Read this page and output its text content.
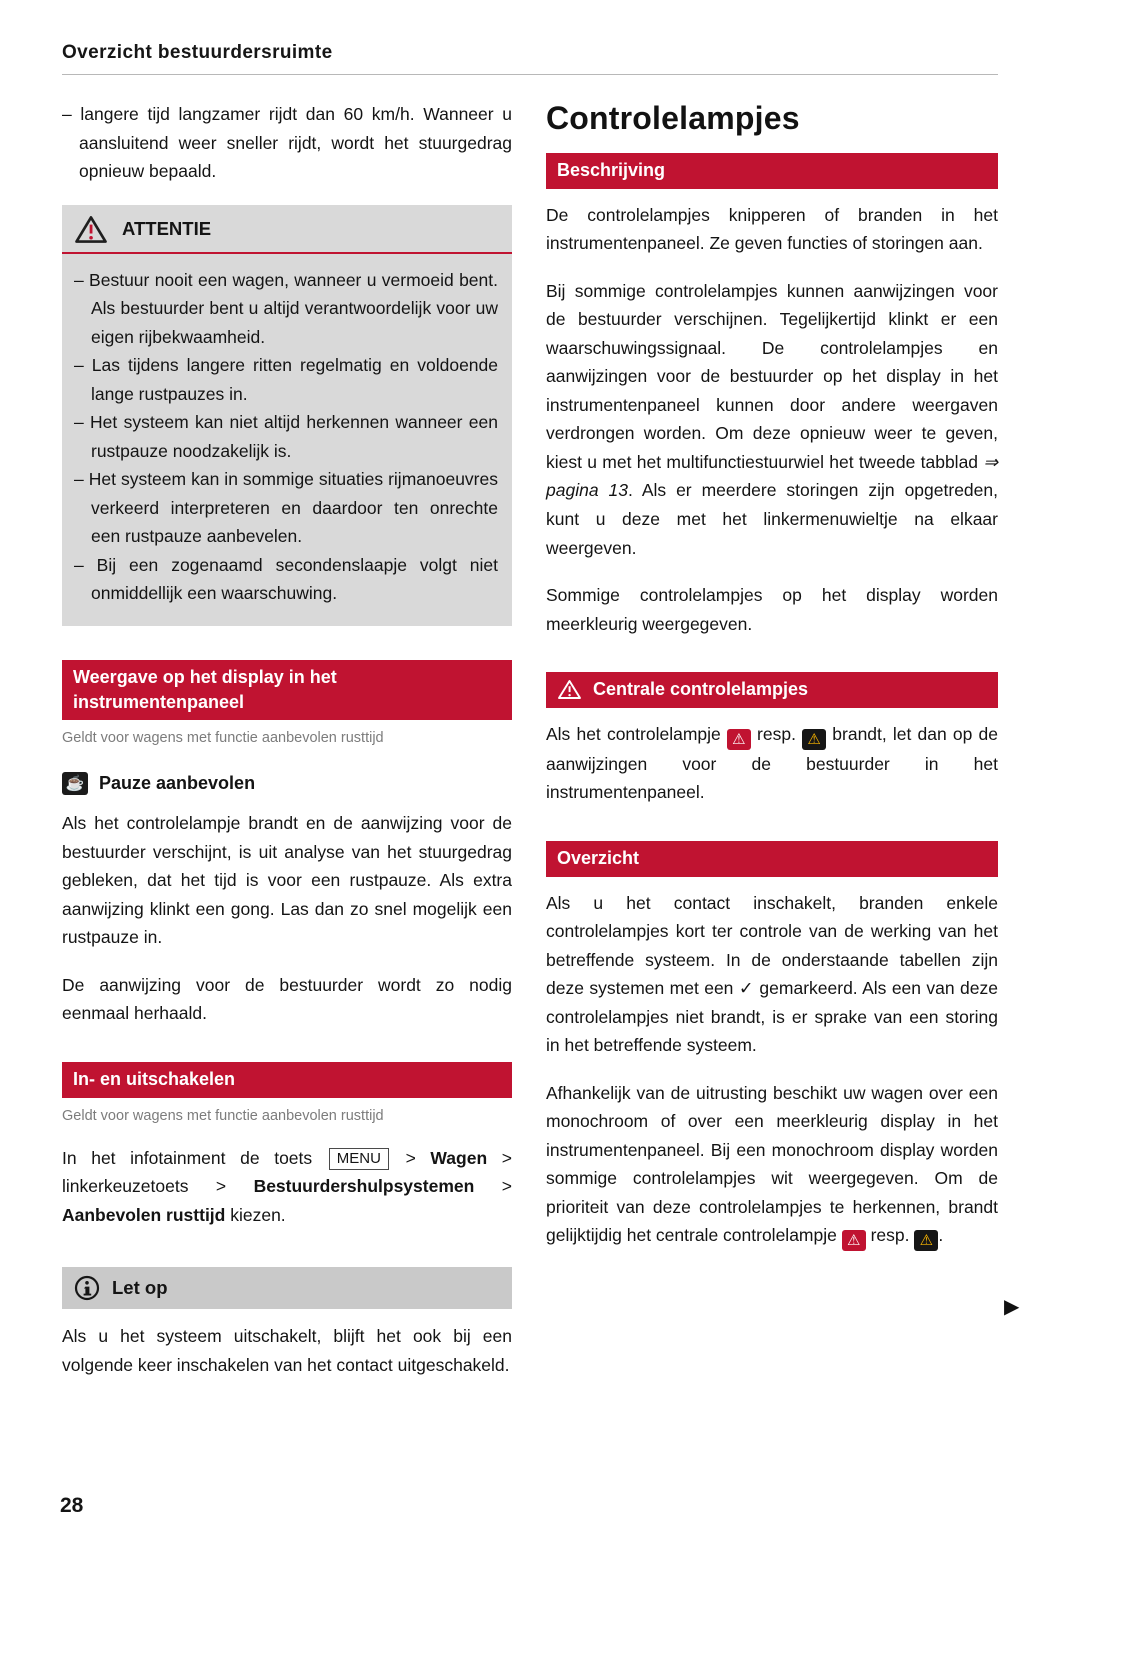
Overzicht bestuurdersruimte

– langere tijd langzamer rijdt dan 60 km/h. Wanneer u aansluitend weer sneller rijdt, wordt het stuurgedrag opnieuw bepaald.

ATTENTIE

– Bestuur nooit een wagen, wanneer u vermoeid bent. Als bestuurder bent u altijd verantwoordelijk voor uw eigen rijbekwaamheid.

– Las tijdens langere ritten regelmatig en voldoende lange rustpauzes in.

– Het systeem kan niet altijd herkennen wanneer een rustpauze noodzakelijk is.

– Het systeem kan in sommige situaties rijmanoeuvres verkeerd interpreteren en daardoor ten onrechte een rustpauze aanbevelen.

– Bij een zogenaamd secondenslaapje volgt niet onmiddellijk een waarschuwing.

Weergave op het display in het instrumentenpaneel

Geldt voor wagens met functie aanbevolen rusttijd

☕ Pauze aanbevolen

Als het controlelampje brandt en de aanwijzing voor de bestuurder verschijnt, is uit analyse van het stuurgedrag gebleken, dat het tijd is voor een rustpauze. Als extra aanwijzing klinkt een gong. Las dan zo snel mogelijk een rustpauze in.

De aanwijzing voor de bestuurder wordt zo nodig eenmaal herhaald.

In- en uitschakelen

Geldt voor wagens met functie aanbevolen rusttijd

In het infotainment de toets MENU > Wagen > linkerkeuzetoets > Bestuurdershulpsystemen > Aanbevolen rusttijd kiezen.

Let op

Als u het systeem uitschakelt, blijft het ook bij een volgende keer inschakelen van het contact uitgeschakeld.

Controlelampjes
Beschrijving

De controlelampjes knipperen of branden in het instrumentenpaneel. Ze geven functies of storingen aan.

Bij sommige controlelampjes kunnen aanwijzingen voor de bestuurder verschijnen. Tegelijkertijd klinkt er een waarschuwingssignaal. De controlelampjes en aanwijzingen voor de bestuurder op het display in het instrumentenpaneel kunnen door andere weergaven verdrongen worden. Om deze opnieuw weer te geven, kiest u met het multifunctiestuurwiel het tweede tabblad ⇒ pagina 13. Als er meerdere storingen zijn opgetreden, kunt u deze met het linkermenuwieltje na elkaar weergeven.

Sommige controlelampjes op het display worden meerkleurig weergegeven.

Centrale controlelampjes

Als het controlelampje ⚠ resp. ⚠ brandt, let dan op de aanwijzingen voor de bestuurder in het instrumentenpaneel.

Overzicht

Als u het contact inschakelt, branden enkele controlelampjes kort ter controle van de werking van het betreffende systeem. In de onderstaande tabellen zijn deze systemen met een ✓ gemarkeerd. Als een van deze controlelampjes niet brandt, is er sprake van een storing in het betreffende systeem.

Afhankelijk van de uitrusting beschikt uw wagen over een monochroom of over een meerkleurig display in het instrumentenpaneel. Bij een monochroom display worden sommige controlelampjes wit weergegeven. Om de prioriteit van deze controlelampjes te herkennen, brandt gelijktijdig het centrale controlelampje ⚠ resp. ⚠ .

▶
28
